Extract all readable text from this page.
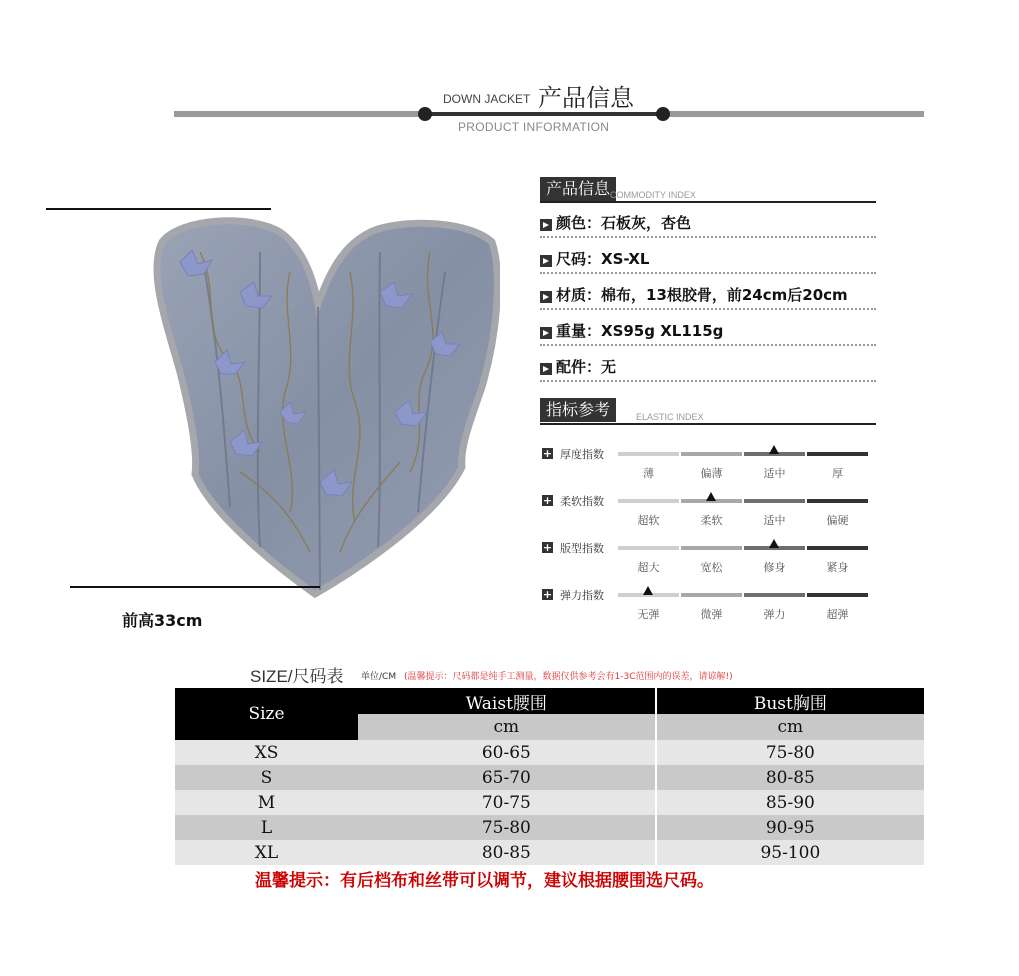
DOWN JACKET 产品信息
PRODUCT INFORMATION
前高33cm
产品信息 COMMODITY INDEX
颜色：石板灰，杏色
尺码：XS-XL
材质：棉布，13根胶骨，前24cm后20cm
重量：XS95g XL115g
配件：无
指标参考	ELASTIC INDEX
+ 厚度指数
薄	偏薄	适中	厚
+ 柔软指数
超软	柔软	适中	偏硬
+ 版型指数
超大	宽松	修身	紧身
+ 弹力指数
无弹	微弹	弹力	超弹
SIZE/尺码表 单位/CM (温馨提示：尺码都是纯手工测量，数据仅供参考会有1-3C范围内的误差，请谅解!)
Size	Waist腰围	Bust胸围
	cm	cm
XS	60-65	75-80
S	65-70	80-85
M	70-75	85-90
L	75-80	90-95
XL	80-85	95-100
温馨提示：有后档布和丝带可以调节，建议根据腰围选尺码。		
